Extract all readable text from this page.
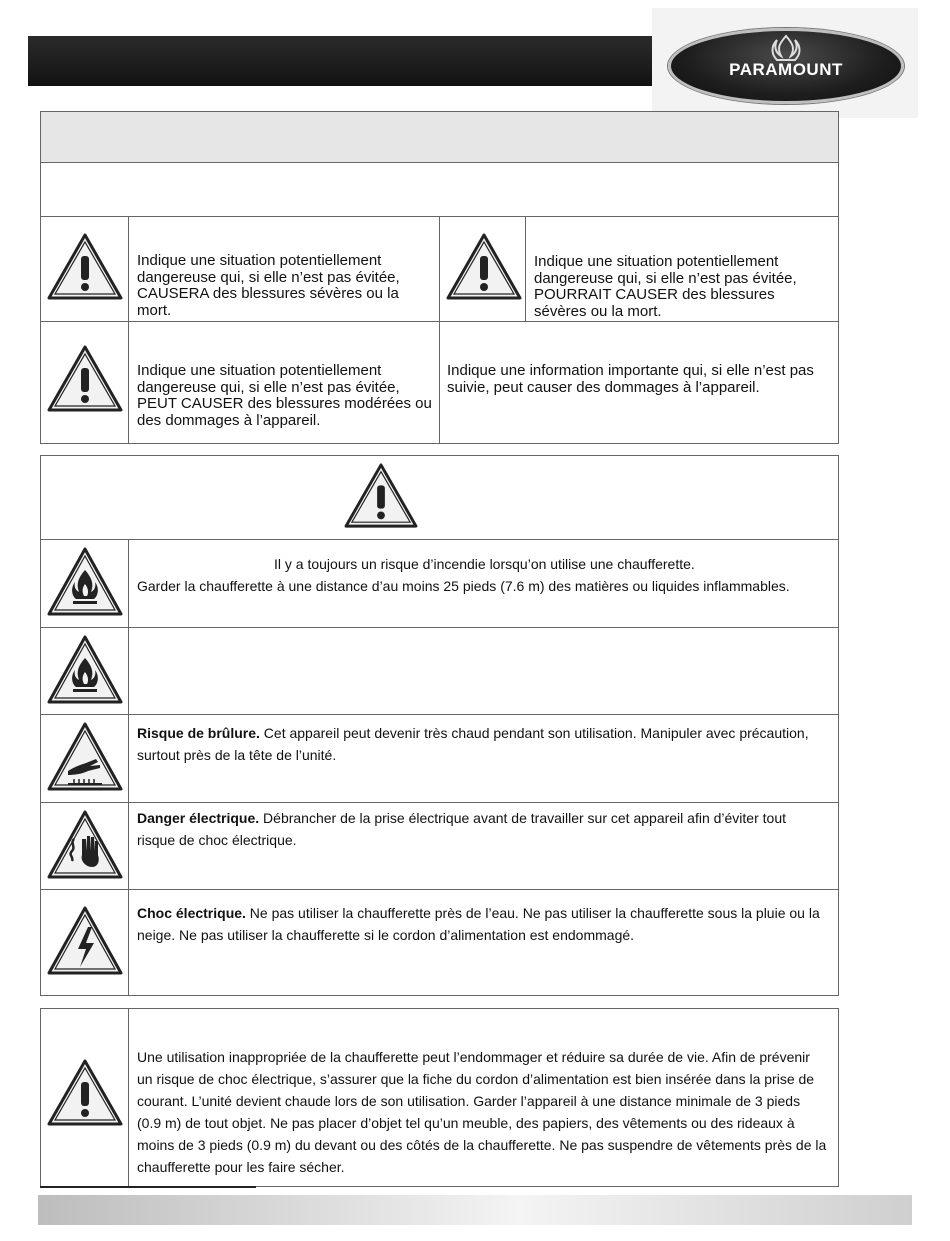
PARAMOUNT
Indique une situation potentiellement dangereuse qui, si elle n’est pas évitée, CAUSERA des blessures sévères ou la mort.
Indique une situation potentiellement dangereuse qui, si elle n’est pas évitée, POURRAIT CAUSER des blessures sévères ou la mort.
Indique une situation potentiellement dangereuse qui, si elle n’est pas évitée, PEUT CAUSER des blessures modérées ou des dommages à l’appareil.
Indique une information importante qui, si elle n’est pas suivie, peut causer des dommages à l’appareil.
Il y a toujours un risque d’incendie lorsqu’on utilise une chaufferette.
Garder la chaufferette à une distance d’au moins 25 pieds (7.6 m) des matières ou liquides inflammables.
Risque de brûlure. Cet appareil peut devenir très chaud pendant son utilisation. Manipuler avec précaution, surtout près de la tête de l’unité.
Danger électrique. Débrancher de la prise électrique avant de travailler sur cet appareil afin d’éviter tout risque de choc électrique.
Choc électrique. Ne pas utiliser la chaufferette près de l’eau. Ne pas utiliser la chaufferette sous la pluie ou la neige. Ne pas utiliser la chaufferette si le cordon d’alimentation est endommagé.
Une utilisation inappropriée de la chaufferette peut l’endommager et réduire sa durée de vie. Afin de prévenir un risque de choc électrique, s’assurer que la fiche du cordon d’alimentation est bien insérée dans la prise de courant. L’unité devient chaude lors de son utilisation. Garder l’appareil à une distance minimale de 3 pieds (0.9 m) de tout objet. Ne pas placer d’objet tel qu’un meuble, des papiers, des vêtements ou des rideaux à moins de 3 pieds (0.9 m) du devant ou des côtés de la chaufferette. Ne pas suspendre de vêtements près de la chaufferette pour les faire sécher.
